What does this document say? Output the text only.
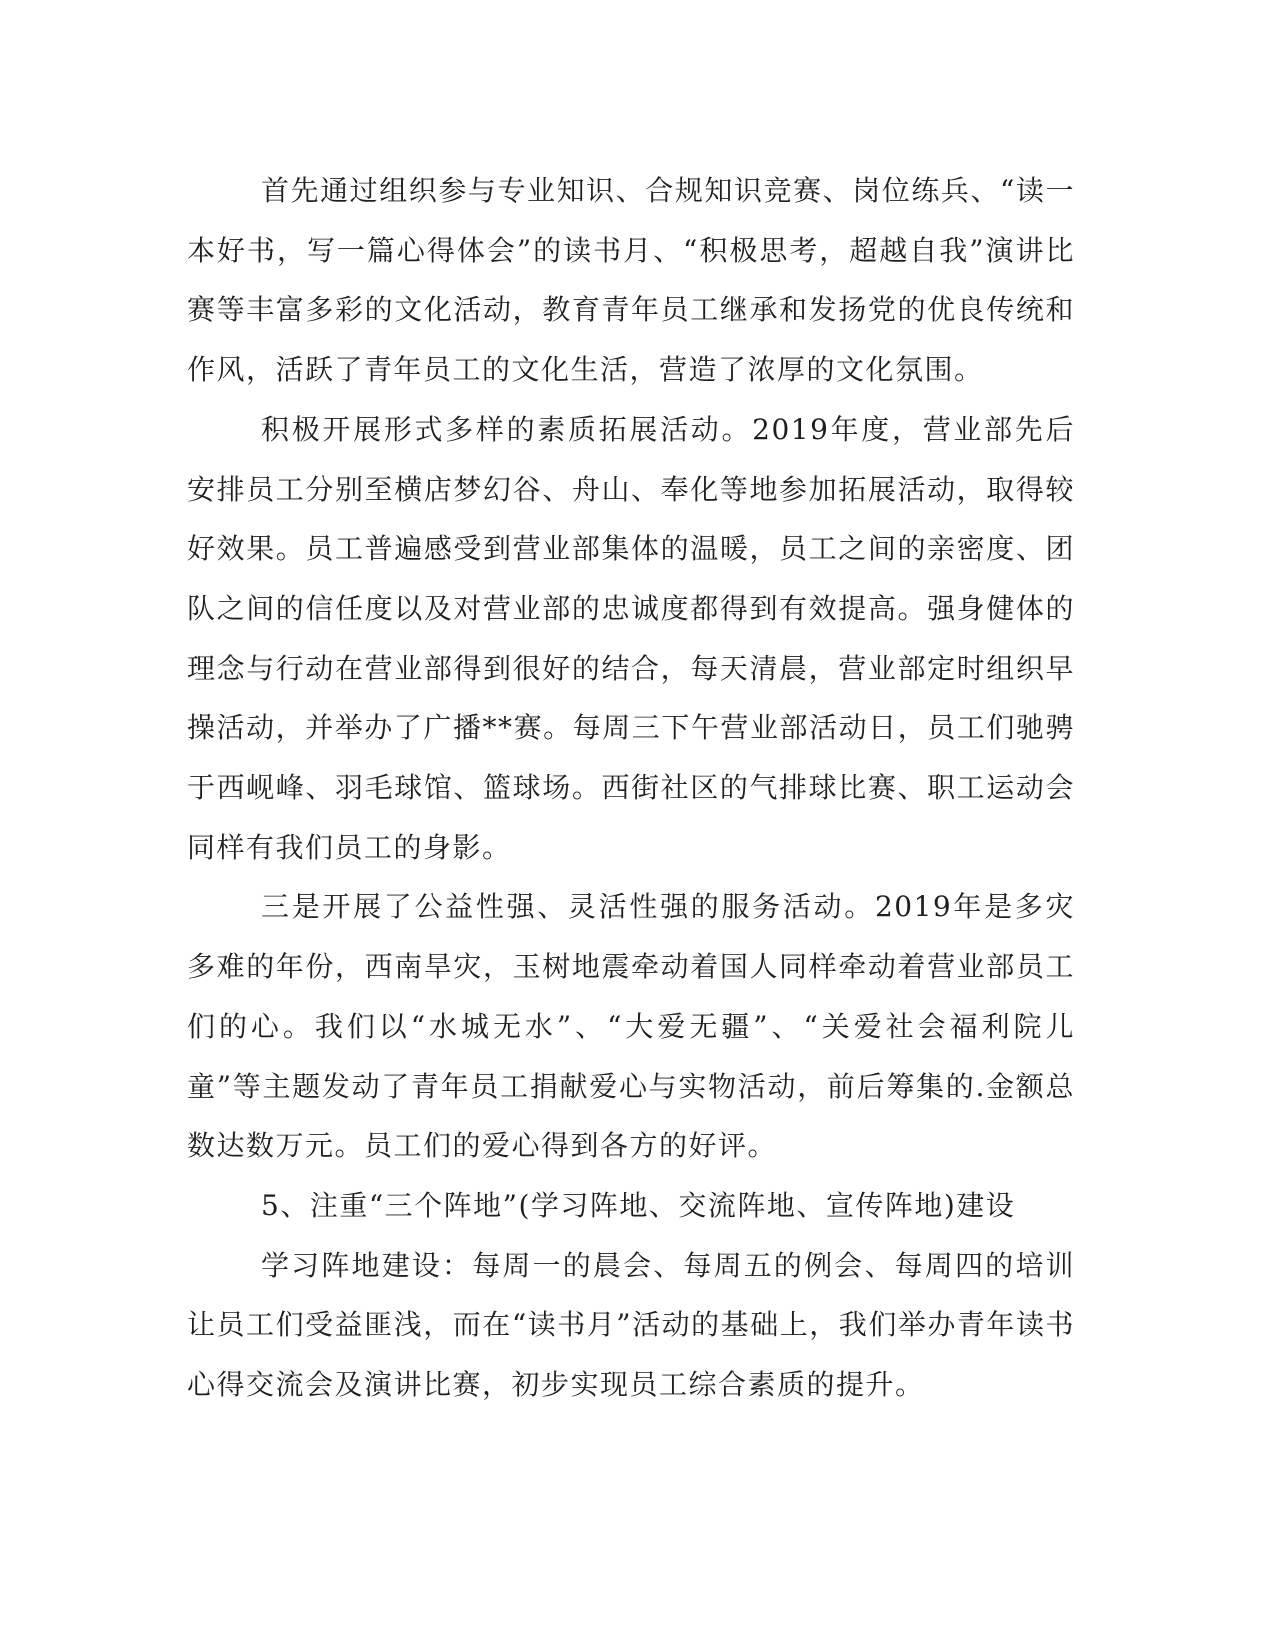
首先通过组织参与专业知识、合规知识竞赛、岗位练兵、“读一本好书，写一篇心得体会”的读书月、“积极思考，超越自我”演讲比赛等丰富多彩的文化活动，教育青年员工继承和发扬党的优良传统和作风，活跃了青年员工的文化生活，营造了浓厚的文化氛围。

积极开展形式多样的素质拓展活动。2019年度，营业部先后安排员工分别至横店梦幻谷、舟山、奉化等地参加拓展活动，取得较好效果。员工普遍感受到营业部集体的温暖，员工之间的亲密度、团队之间的信任度以及对营业部的忠诚度都得到有效提高。强身健体的理念与行动在营业部得到很好的结合，每天清晨，营业部定时组织早操活动，并举办了广播**赛。每周三下午营业部活动日，员工们驰骋于西岘峰、羽毛球馆、篮球场。西街社区的气排球比赛、职工运动会同样有我们员工的身影。

三是开展了公益性强、灵活性强的服务活动。2019年是多灾多难的年份，西南旱灾，玉树地震牵动着国人同样牵动着营业部员工们的心。我们以“水城无水”、“大爱无疆”、“关爱社会福利院儿童”等主题发动了青年员工捐献爱心与实物活动，前后筹集的.金额总数达数万元。员工们的爱心得到各方的好评。

5、注重“三个阵地”(学习阵地、交流阵地、宣传阵地)建设

学习阵地建设：每周一的晨会、每周五的例会、每周四的培训让员工们受益匪浅，而在“读书月”活动的基础上，我们举办青年读书心得交流会及演讲比赛，初步实现员工综合素质的提升。
